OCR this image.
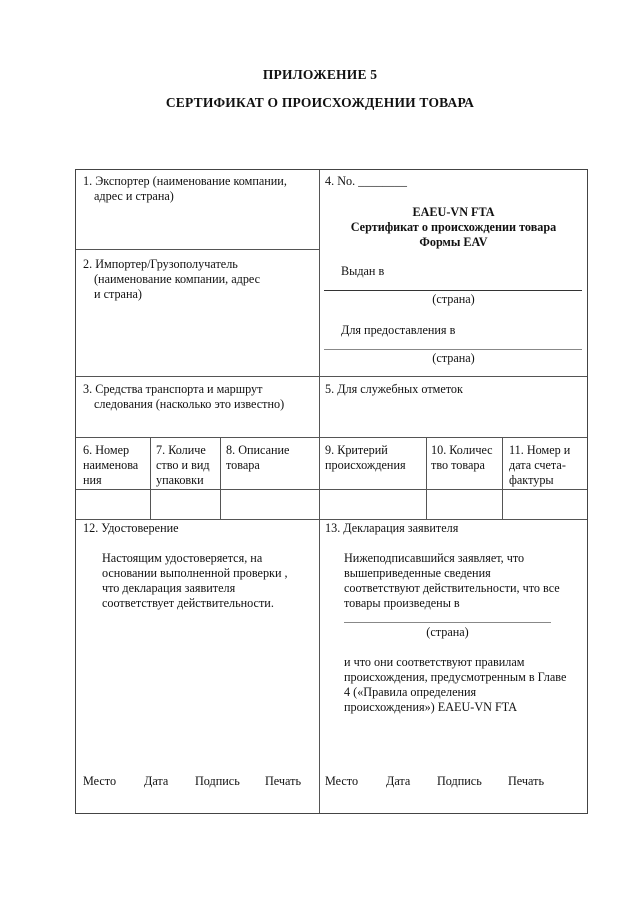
ПРИЛОЖЕНИЕ 5
СЕРТИФИКАТ О ПРОИСХОЖДЕНИИ ТОВАРА
1. Экспортер (наименование компании,
адрес и страна)
2. Импортер/Грузополучатель
(наименование компании, адрес
и страна)
4. No. ________
EAEU-VN FTA
Сертификат о происхождении товара
Формы EAV
Выдан в
(страна)
Для предоставления в
(страна)
3. Средства транспорта и маршрут
следования (насколько это известно)
5. Для служебных отметок
6. Номер
наименова
ния
7. Количе
ство и вид
упаковки
8. Описание
товара
9. Критерий
происхождения
10. Количес
тво товара
11. Номер и
дата счета-
фактуры
12. Удостоверение
Настоящим удостоверяется, на
основании выполненной проверки ,
что декларация заявителя
соответствует действительности.
Место Дата Подпись Печать
13. Декларация заявителя
Нижеподписавшийся заявляет, что
вышеприведенные сведения
соответствуют действительности, что все
товары произведены в
(страна)
и что они соответствуют правилам
происхождения, предусмотренным в Главе
4 («Правила определения
происхождения») EAEU-VN FTA
Место Дата Подпись Печать
